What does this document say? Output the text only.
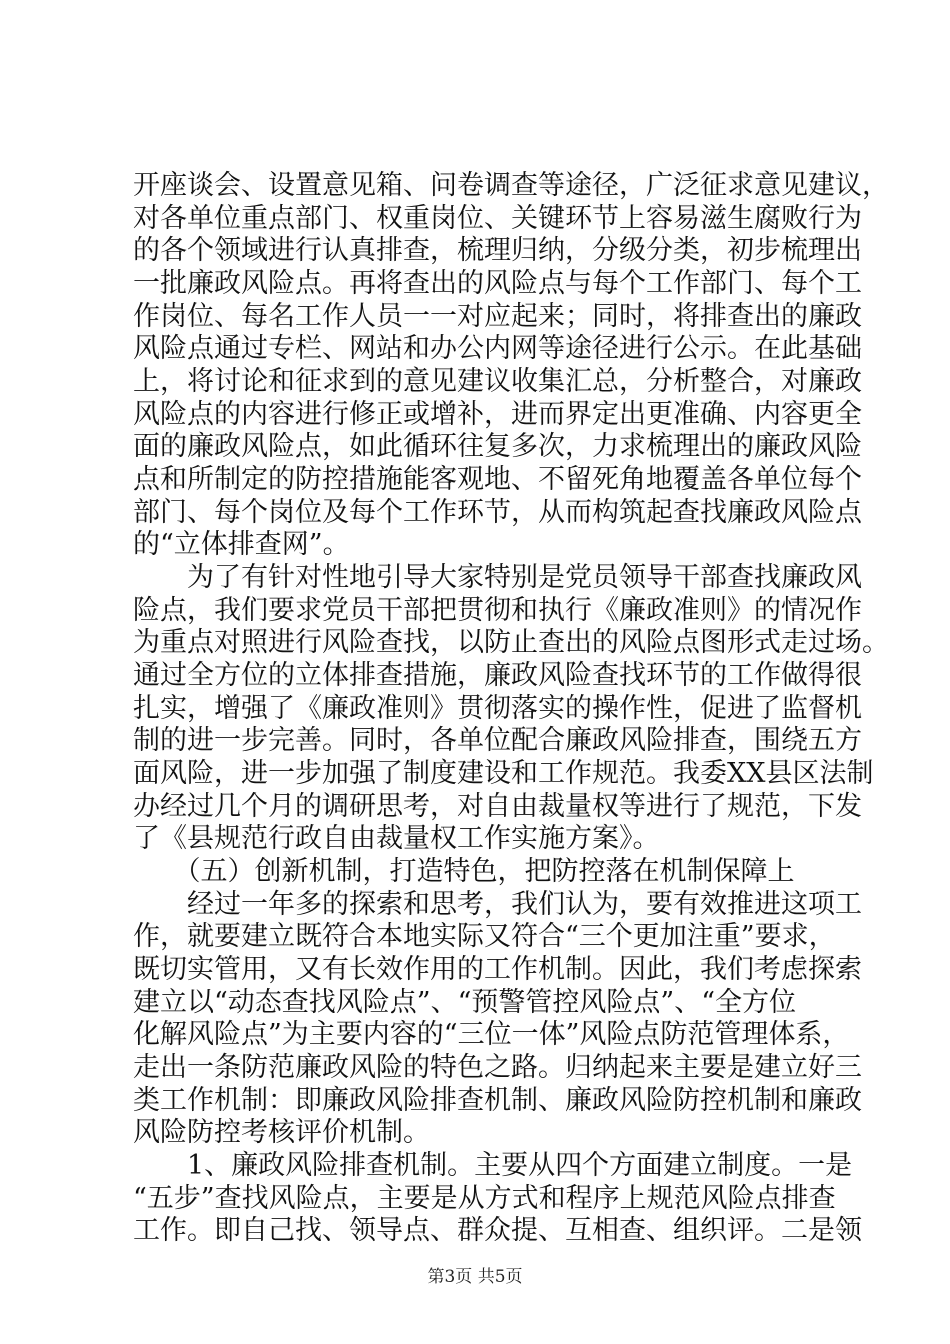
开座谈会、设置意见箱、问卷调查等途径，广泛征求意见建议，
对各单位重点部门、权重岗位、关键环节上容易滋生腐败行为
的各个领域进行认真排查，梳理归纳，分级分类，初步梳理出
一批廉政风险点。再将查出的风险点与每个工作部门、每个工
作岗位、每名工作人员一一对应起来；同时，将排查出的廉政
风险点通过专栏、网站和办公内网等途径进行公示。在此基础
上，将讨论和征求到的意见建议收集汇总，分析整合，对廉政
风险点的内容进行修正或增补，进而界定出更准确、内容更全
面的廉政风险点，如此循环往复多次，力求梳理出的廉政风险
点和所制定的防控措施能客观地、不留死角地覆盖各单位每个
部门、每个岗位及每个工作环节，从而构筑起查找廉政风险点
的“立体排查网”。
　　为了有针对性地引导大家特别是党员领导干部查找廉政风
险点，我们要求党员干部把贯彻和执行《廉政准则》的情况作
为重点对照进行风险查找，以防止查出的风险点图形式走过场。
通过全方位的立体排查措施，廉政风险查找环节的工作做得很
扎实，增强了《廉政准则》贯彻落实的操作性，促进了监督机
制的进一步完善。同时，各单位配合廉政风险排查，围绕五方
面风险，进一步加强了制度建设和工作规范。我委XX县区法制
办经过几个月的调研思考，对自由裁量权等进行了规范，下发
了《县规范行政自由裁量权工作实施方案》。
　　（五）创新机制，打造特色，把防控落在机制保障上
　　经过一年多的探索和思考，我们认为，要有效推进这项工
作，就要建立既符合本地实际又符合“三个更加注重”要求，
既切实管用，又有长效作用的工作机制。因此，我们考虑探索
建立以“动态查找风险点”、“预警管控风险点”、“全方位
化解风险点”为主要内容的“三位一体”风险点防范管理体系，
走出一条防范廉政风险的特色之路。归纳起来主要是建立好三
类工作机制：即廉政风险排查机制、廉政风险防控机制和廉政
风险防控考核评价机制。
　　1、廉政风险排查机制。主要从四个方面建立制度。一是
“五步”查找风险点，主要是从方式和程序上规范风险点排查
工作。即自己找、领导点、群众提、互相查、组织评。二是领
第3页 共5页
